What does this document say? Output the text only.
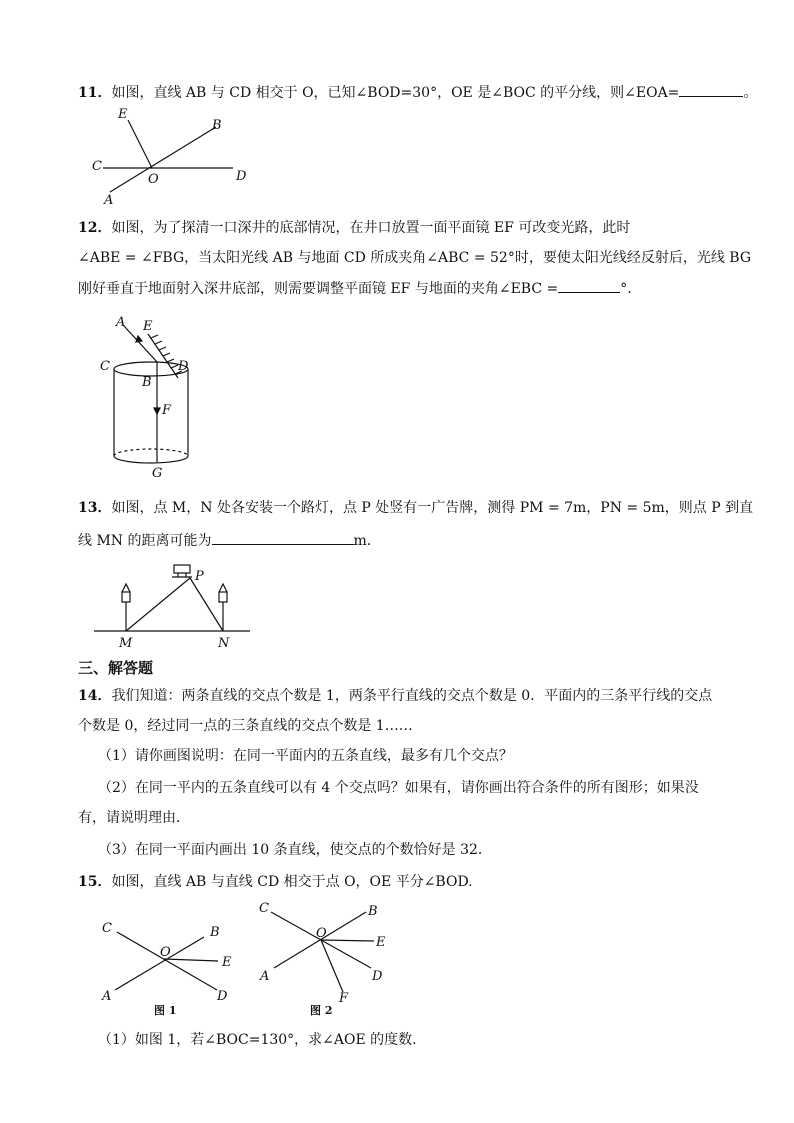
11．如图，直线 AB 与 CD 相交于 O，已知∠BOD=30°，OE 是∠BOC 的平分线，则∠EOA=	。
E
B
C
O	D
A
12．如图，为了探清一口深井的底部情况，在井口放置一面平面镜 EF 可改变光路，此时
∠ABE = ∠FBG，当太阳光线 AB 与地面 CD 所成夹角∠ABC = 52°时，要使太阳光线经反射后，光线 BG
刚好垂直于地面射入深井底部，则需要调整平面镜 EF 与地面的夹角∠EBC =	°.
A E
C
B
D
F
G
13．如图，点 M，N 处各安装一个路灯，点 P 处竖有一广告牌，测得 PM = 7m，PN = 5m，则点 P 到直
线 MN 的距离可能为	m．
P
M	N
三、解答题
14．我们知道：两条直线的交点个数是 1，两条平行直线的交点个数是 0．平面内的三条平行线的交点
个数是 0，经过同一点的三条直线的交点个数是 1……
（1）请你画图说明：在同一平面内的五条直线，最多有几个交点？
（2）在同一平内的五条直线可以有 4 个交点吗？如果有，请你画出符合条件的所有图形；如果没
有，请说明理由．
（3）在同一平面内画出 10 条直线，使交点的个数恰好是 32．
15．如图，直线 AB 与直线 CD 相交于点 O，OE 平分∠BOD.
C
O
B
E
A	D
图 1
C	B
O
E
A	D
F
图 2
（1）如图 1，若∠BOC=130°，求∠AOE 的度数.
